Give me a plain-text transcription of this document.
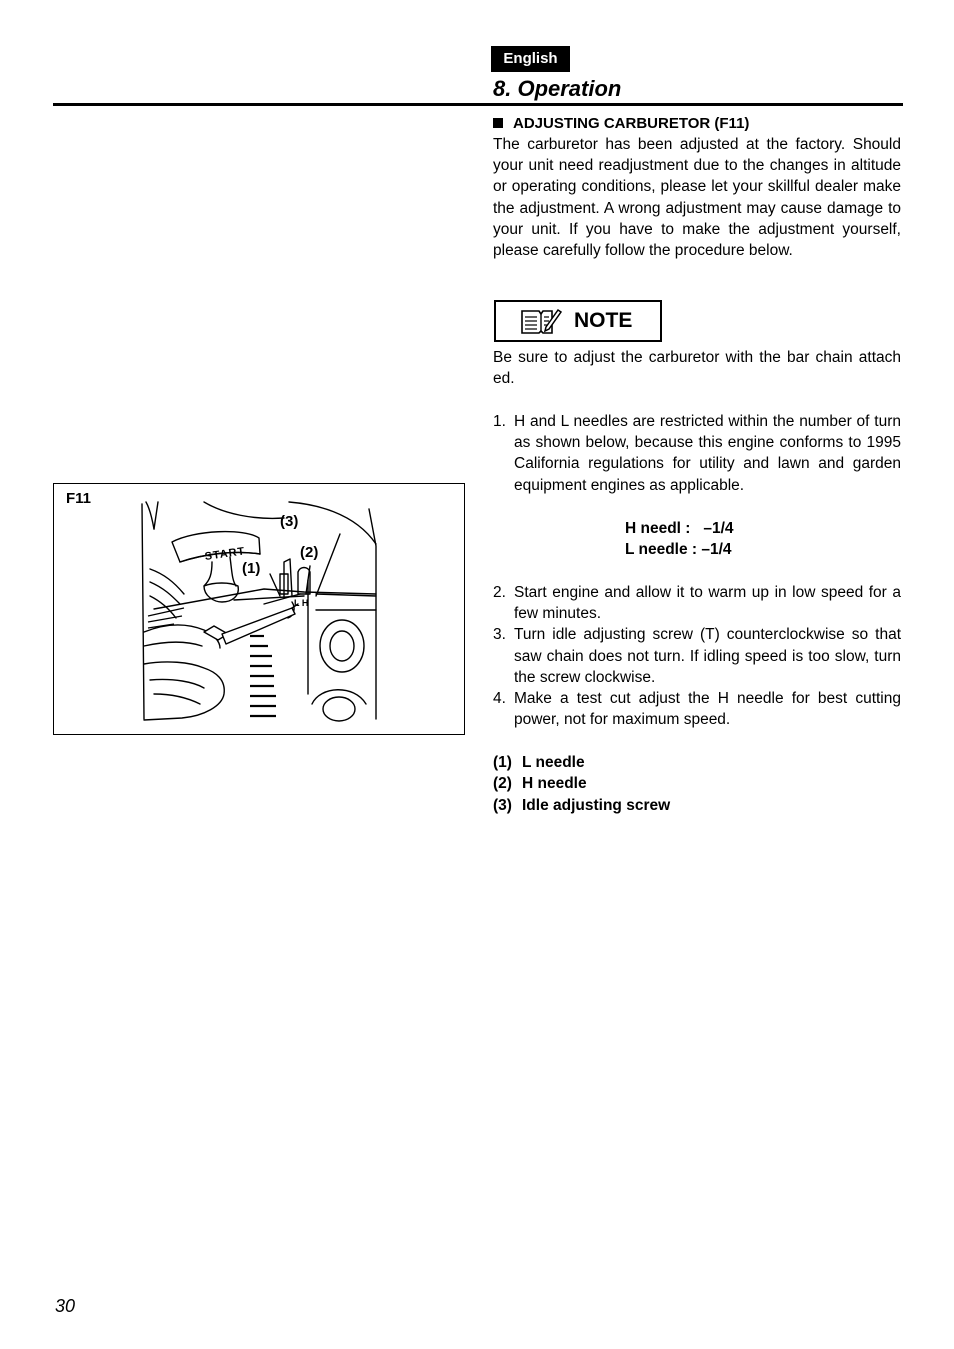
English
8. Operation
ADJUSTING CARBURETOR (F11)
The carburetor has been adjusted at the factory. Should your unit need readjustment due to the changes in altitude or operating conditions, please let your skillful dealer make the adjustment. A wrong adjustment may cause damage to your unit. If you have to make the adjustment yourself, please carefully follow the procedure below.
NOTE
Be sure to adjust the carburetor with the bar chain attach ed.
1. H and L needles are restricted within the number of turn as shown below, because this engine conforms to 1995 California regulations for utility and lawn and garden equipment engines as applicable.
H needl :   –1/4
L needle : –1/4
2. Start engine and allow it to warm up in low speed for a few minutes.
3. Turn idle adjusting screw (T) counterclockwise so that saw chain does not turn. If idling speed is too slow, turn the screw clockwise.
4. Make a test cut adjust the H needle for best cutting power, not for maximum speed.
(1) L needle
(2) H needle
(3) Idle adjusting screw
F11
START
L H
(1)
(2)
(3)
30
